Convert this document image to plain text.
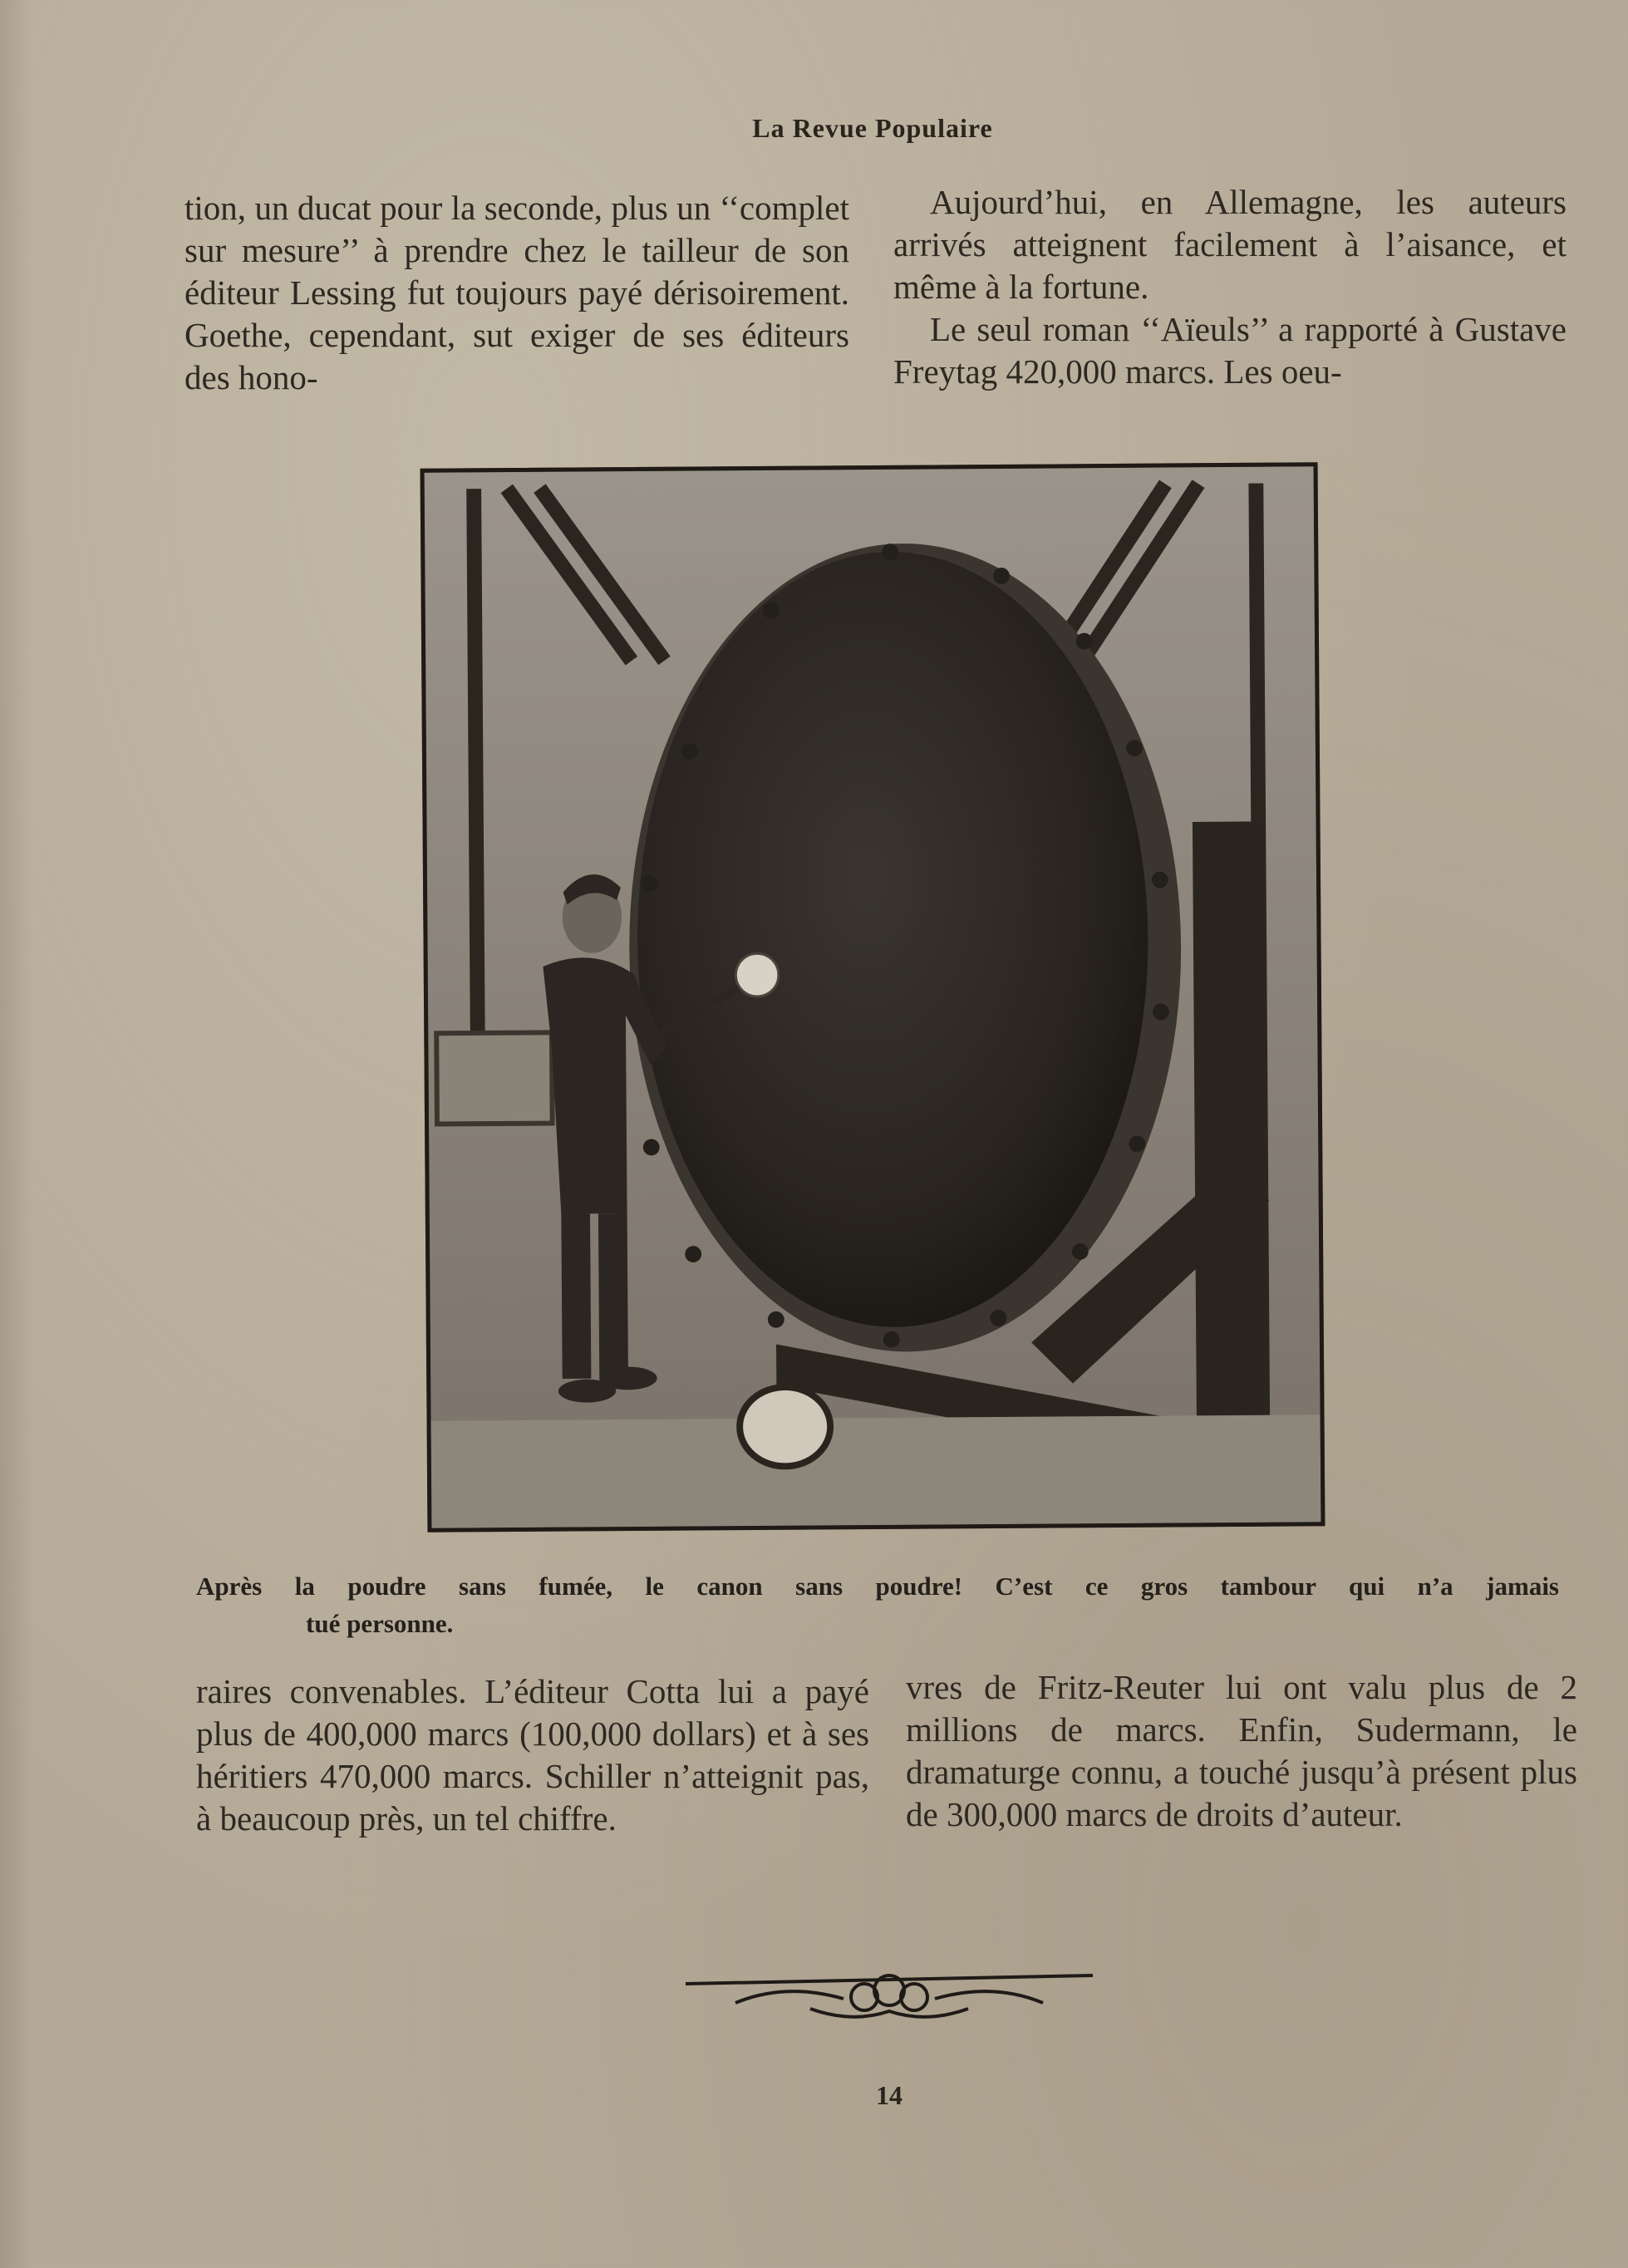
La Revue Populaire

tion, un ducat pour la seconde, plus un ‘‘complet sur mesure’’ à prendre chez le tailleur de son éditeur Lessing fut toujours payé dérisoirement. Goethe, cependant, sut exiger de ses éditeurs des hono-

Aujourd’hui, en Allemagne, les auteurs arrivés atteignent facilement à l’aisance, et même à la fortune.

Le seul roman ‘‘Aïeuls’’ a rapporté à Gustave Freytag 420,000 marcs. Les oeu-

Après la poudre sans fumée, le canon sans poudre! C’est ce gros tambour qui n’a jamais
tué personne.

raires convenables. L’éditeur Cotta lui a payé plus de 400,000 marcs (100,000 dollars) et à ses héritiers 470,000 marcs. Schiller n’atteignit pas, à beaucoup près, un tel chiffre.

vres de Fritz-Reuter lui ont valu plus de 2 millions de marcs. Enfin, Sudermann, le dramaturge connu, a touché jusqu’à présent plus de 300,000 marcs de droits d’auteur.

14
